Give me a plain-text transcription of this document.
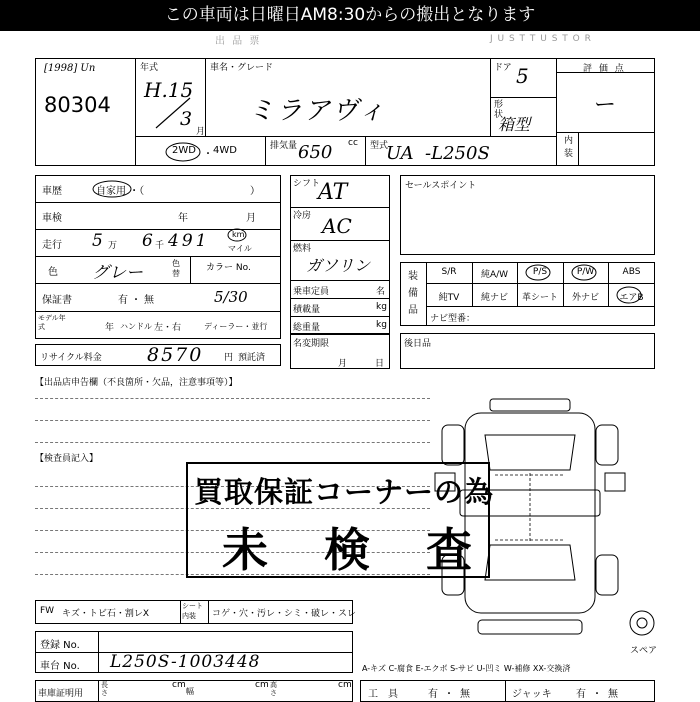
この車両は日曜日AM8:30からの搬出となります
出 品 票	J U S T T U S T O R
[1998] Un
80304
年式
H.15
3
月
車名・グレード
ミラアヴィ
ドア 5
形状
箱型
評 価 点
ー
内装
2WD ・ 4WD	排気量 650 cc 型式
UA  -L250S
車歴	自家用 ・（	）
車検	年	月
走行 5 万 6 千 491	km
マイル
色 グレー	色替
カラー No.
保証書	有・無	5/30
モデル年式	年 ハンドル 左・右	ディーラー・並行
リサイクル料金 8570 円 預託済
シフト
AT
冷房 AC
燃料
ガソリン
乗車定員	名
積載量	kg
総重量	kg
名変期限
月日
セールスポイント
装備品
S/R	純A/W	P/S	P/W	ABS
純TV	純ナビ	革シート	外ナビ	エアB
ナビ型番：
後日品
【出品店申告欄（不良箇所・欠品，注意事項等）】
【検査員記入】
スペア
買取保証コーナーの為
未 検 査
FW キズ・トビ石・割レX
シート内装	コゲ・穴・汚レ・シミ・破レ・スレ
登録 No.
車台 No. L250S-1003448	A-キズ C-腐食 E-エクボ S-サビ U-凹ミ W-補修 XX-交換済
車庫証明用
長さ
cm
幅
cm 高さ
cm
工具 有・無	ジャッキ 有・無
